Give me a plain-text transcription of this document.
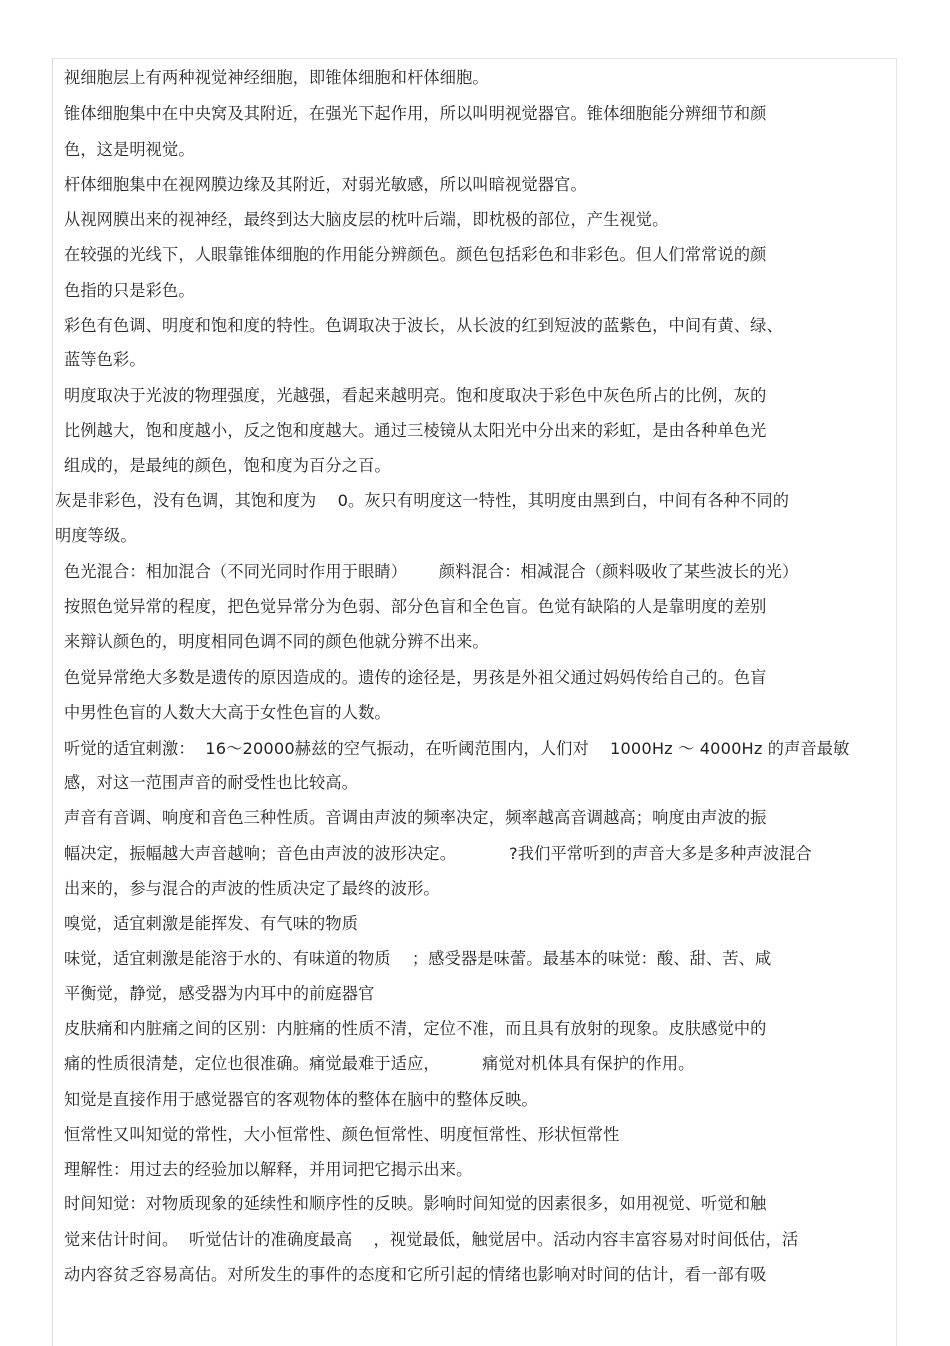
视细胞层上有两种视觉神经细胞，即锥体细胞和杆体细胞。
锥体细胞集中在中央窝及其附近，在强光下起作用，所以叫明视觉器官。锥体细胞能分辨细节和颜
色，这是明视觉。
杆体细胞集中在视网膜边缘及其附近，对弱光敏感，所以叫暗视觉器官。
从视网膜出来的视神经，最终到达大脑皮层的枕叶后端，即枕极的部位，产生视觉。
在较强的光线下，人眼靠锥体细胞的作用能分辨颜色。颜色包括彩色和非彩色。但人们常常说的颜
色指的只是彩色。
彩色有色调、明度和饱和度的特性。色调取决于波长，从长波的红到短波的蓝紫色，中间有黄、绿、
蓝等色彩。
明度取决于光波的物理强度，光越强，看起来越明亮。饱和度取决于彩色中灰色所占的比例，灰的
比例越大，饱和度越小，反之饱和度越大。通过三棱镜从太阳光中分出来的彩虹，是由各种单色光
组成的，是最纯的颜色，饱和度为百分之百。
灰是非彩色，没有色调，其饱和度为    0。灰只有明度这一特性，其明度由黑到白，中间有各种不同的
明度等级。
色光混合：相加混合（不同光同时作用于眼睛）      颜料混合：相减混合（颜料吸收了某些波长的光）
按照色觉异常的程度，把色觉异常分为色弱、部分色盲和全色盲。色觉有缺陷的人是靠明度的差别
来辩认颜色的，明度相同色调不同的颜色他就分辨不出来。
色觉异常绝大多数是遗传的原因造成的。遗传的途径是，男孩是外祖父通过妈妈传给自己的。色盲
中男性色盲的人数大大高于女性色盲的人数。
听觉的适宜刺激：  16～20000赫兹的空气振动，在听阈范围内，人们对    1000Hz ～ 4000Hz 的声音最敏
感，对这一范围声音的耐受性也比较高。
声音有音调、响度和音色三种性质。音调由声波的频率决定，频率越高音调越高；响度由声波的振
幅决定，振幅越大声音越响；音色由声波的波形决定。          ?我们平常听到的声音大多是多种声波混合
出来的，参与混合的声波的性质决定了最终的波形。
嗅觉，适宜刺激是能挥发、有气味的物质
味觉，适宜刺激是能溶于水的、有味道的物质    ；感受器是味蕾。最基本的味觉：酸、甜、苦、咸
平衡觉，静觉，感受器为内耳中的前庭器官
皮肤痛和内脏痛之间的区别：内脏痛的性质不清，定位不准，而且具有放射的现象。皮肤感觉中的
痛的性质很清楚，定位也很准确。痛觉最难于适应，        痛觉对机体具有保护的作用。
知觉是直接作用于感觉器官的客观物体的整体在脑中的整体反映。
恒常性又叫知觉的常性，大小恒常性、颜色恒常性、明度恒常性、形状恒常性
理解性：用过去的经验加以解释，并用词把它揭示出来。
时间知觉：对物质现象的延续性和顺序性的反映。影响时间知觉的因素很多，如用视觉、听觉和触
觉来估计时间。  听觉估计的准确度最高    ，视觉最低，触觉居中。活动内容丰富容易对时间低估，活
动内容贫乏容易高估。对所发生的事件的态度和它所引起的情绪也影响对时间的估计，看一部有吸
